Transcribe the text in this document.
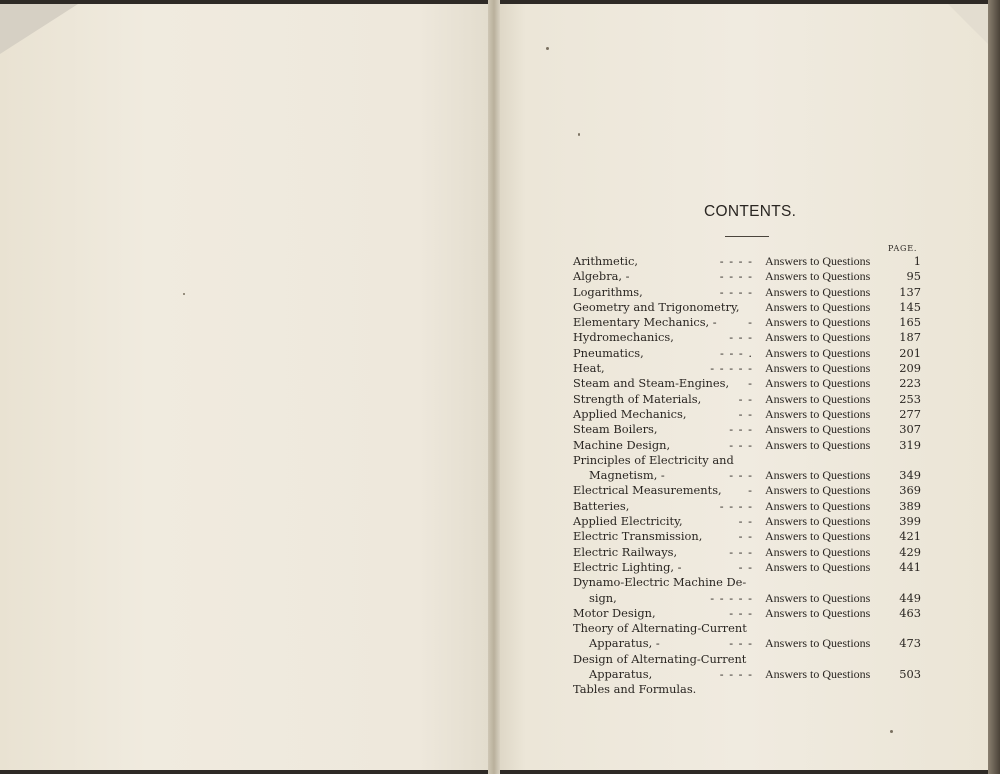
CONTENTS.
PAGE.
Arithmetic,	- - - - Answers to Questions	1
Algebra, -	- - - - Answers to Questions	95
Logarithms,	- - - - Answers to Questions	137
Geometry and Trigonometry, Answers to Questions	145
Elementary Mechanics, -	- Answers to Questions	165
Hydromechanics,	- - - Answers to Questions	187
Pneumatics,	- - - . Answers to Questions	201
Heat,	- - - - - Answers to Questions	209
Steam and Steam-Engines, - Answers to Questions	223
Strength of Materials,	- - Answers to Questions	253
Applied Mechanics,	- - Answers to Questions	277
Steam Boilers,	- - - Answers to Questions	307
Machine Design,	- - - Answers to Questions	319
Principles of Electricity and
Magnetism, -	- - - Answers to Questions	349
Electrical Measurements, - Answers to Questions	369
Batteries,	- - - - Answers to Questions	389
Applied Electricity,	- - Answers to Questions	399
Electric Transmission,	- - Answers to Questions	421
Electric Railways,	- - - Answers to Questions	429
Electric Lighting, -	- - Answers to Questions	441
Dynamo-Electric Machine De-
sign,	- - - - - Answers to Questions	449
Motor Design,	- - - Answers to Questions	463
Theory of Alternating-Current
Apparatus, -	- - - Answers to Questions	473
Design of Alternating-Current
Apparatus,	- - - - Answers to Questions	503
Tables and Formulas.
